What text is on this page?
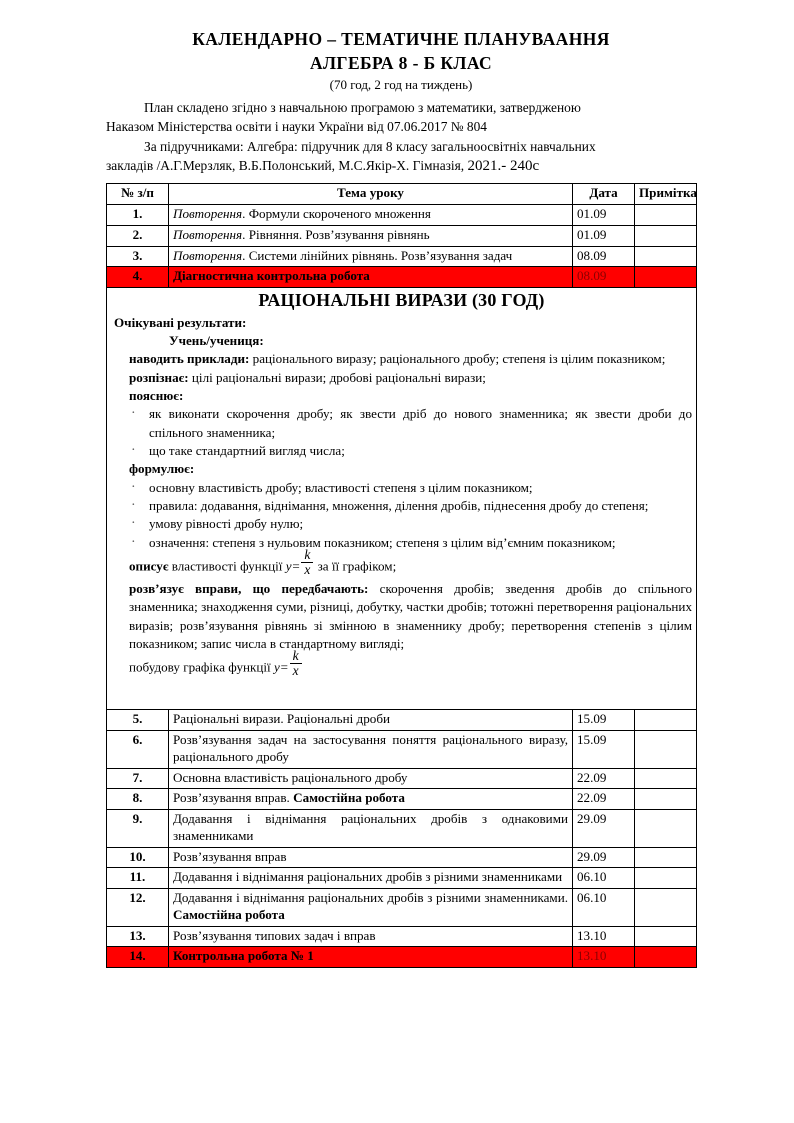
КАЛЕНДАРНО – ТЕМАТИЧНЕ ПЛАНУВААННЯ
АЛГЕБРА 8 - Б КЛАС
(70 год, 2 год на тиждень)

План складено згідно з навчальною програмою з математики, затвердженою

Наказом Міністерства освіти і науки України від 07.06.2017 № 804

За підручниками: Алгебра: підручник для 8 класу загальноосвітніх навчальних

закладів /А.Г.Мерзляк, В.Б.Полонський, М.С.Якір-Х. Гімназія, 2021.- 240с

№ з/п	Тема уроку	Дата	Примітка
1.	Повторення. Формули скороченого множення	01.09	
2.	Повторення. Рівняння. Розв’язування рівнянь	01.09	
3.	Повторення. Системи лінійних рівнянь. Розв’язування задач	08.09	
4.	Діагностична контрольна робота	08.09	

РАЦІОНАЛЬНІ ВИРАЗИ (30 ГОД)

Очікувані результати:

Учень/учениця:

наводить приклади: раціонального виразу; раціонального дробу; степеня із цілим показником;

розпізнає: цілі раціональні вирази; дробові раціональні вирази;

пояснює:

· як виконати скорочення дробу; як звести дріб до нового знаменника; як звести дроби до спільного знаменника;
· що таке стандартний вигляд числа;

формулює:

· основну властивість дробу; властивості степеня з цілим показником;
· правила: додавання, віднімання, множення, ділення дробів, піднесення дробу до степеня;
· умову рівності дробу нулю;
· означення: степеня з нульовим показником; степеня з цілим від’ємним показником;

описує властивості функції $y= \frac{k}{x}$ за її графіком;

розв’язує вправи, що передбачають: скорочення дробів; зведення дробів до спільного знаменника; знаходження суми, різниці, добутку, частки дробів; тотожні перетворення раціональних виразів; розв’язування рівнянь зі змінною в знаменнику дробу; перетворення степенів з цілим показником; запис числа в стандартному вигляді;

побудову графіка функції $y= \frac{k}{x}$

5.	Раціональні вирази. Раціональні дроби	15.09	
6.	Розв’язування задач на застосування поняття раціонального виразу, раціонального дробу	15.09	
7.	Основна властивість раціонального дробу	22.09	
8.	Розв’язування вправ. Самостійна робота	22.09	
9.	Додавання і віднімання раціональних дробів з однаковими знаменниками	29.09	
10.	Розв’язування вправ	29.09	
11.	Додавання і віднімання раціональних дробів з різними знаменниками	06.10	
12.	Додавання і віднімання раціональних дробів з різними знаменниками. Самостійна робота	06.10	
13.	Розв’язування типових задач і вправ	13.10	
14.	Контрольна робота № 1	13.10	
